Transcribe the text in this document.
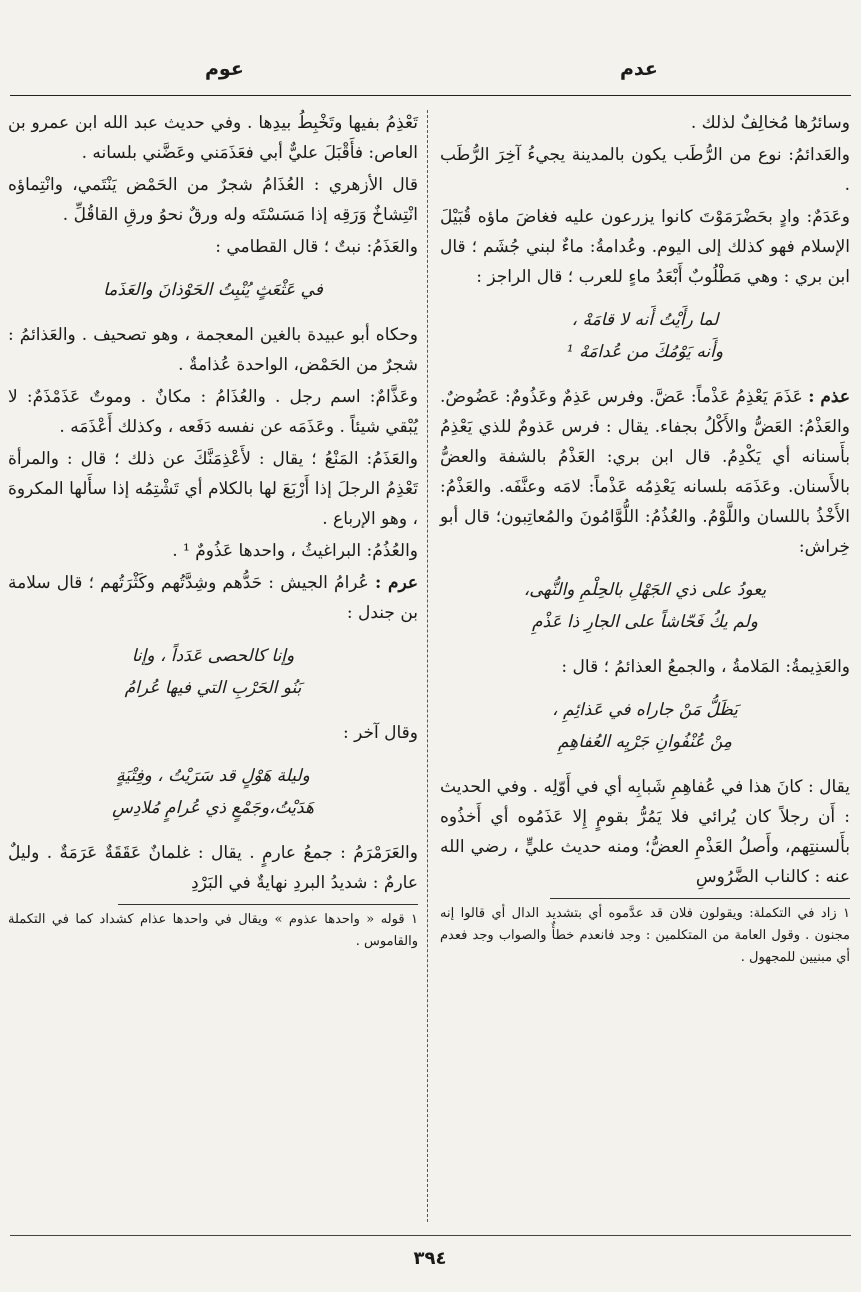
عوم	عدم

وسائرُها مُخالِفٌ لذلك .

والعَدائمُ: نوع من الرُّطَب يكون بالمدينة يجيءُ آخِرَ الرُّطَب .

وعَدَمٌ: وادٍ بحَضْرَمَوْتَ كانوا يزرعون عليه فغاضَ ماؤه قُبَيْلَ الإسلام فهو كذلك إلى اليوم. وعُدامةُ: ماءٌ لبني جُشَم ؛ قال ابن بري : وهي مَطْلُوبٌ أَبْعَدُ ماءٍ للعرب ؛ قال الراجز :

لما رأَيْتُ أَنه لا قامَهْ ،
وأَنه يَوْمُكَ من عُدامَهْ ¹

عذم : عَذَمَ يَعْذِمُ عَذْماً: عَضَّ. وفرس عَذِمٌ وعَذُومٌ: عَضُوضٌ. والعَذْمُ: العَضُّ والأَكْلُ بجفاء. يقال : فرس عَذومٌ للذي يَعْذِمُ بأَسنانه أي يَكْدِمُ. قال ابن بري: العَذْمُ بالشفة والعضُّ بالأَسنان. وعَذَمَه بلسانه يَعْذِمُه عَذْماً: لامَه وعنَّفَه. والعَذْمُ: الأَخْذُ باللسان واللَّوْمُ. والعُذُمُ: اللُّوَّامُونَ والمُعاتِبون؛ قال أبو خِراش:

يعودُ على ذي الجَهْلِ بالحِلْمِ والنُّهى،
ولم يكُ فَحّاشاً على الجارِ ذا عَذْمِ

والعَذِيمةُ: المَلامةُ ، والجمعُ العذائمُ ؛ قال :

يَظَلُّ مَنْ جاراه في عَذائِمِ ،
مِنْ عُنْفُوانِ جَرْيِه العُفاهِمِ

يقال : كانَ هذا في عُفاهِمِ شَبابِه أي في أَوّلِه . وفي الحديث : أَن رجلاً كان يُرائي فلا يَمُرُّ بقومٍ إِلا عَذَمُوه أي أَخذُوه بأَلسنتِهم، وأَصلُ العَذْمِ العضُّ؛ ومنه حديث عليٍّ ، رضي الله عنه : كالناب الضَّرُوسِ

١ زاد في التكملة: ويقولون فلان قد عدَّموه أي بتشديد الدال أي قالوا إنه مجنون . وقول العامة من المتكلمين : وجد فانعدم خطأٌ والصواب وجد فعدم أي مبنيين للمجهول .

تَعْذِمُ بفيها وتَخْبِطُ بيدِها . وفي حديث عبد الله ابن عمرو بن العاص: فأَقْبَلَ عليٌّ أبي فعَذَمَني وعَضَّني بلسانه .

قال الأزهري : العُذَامُ شجرٌ من الحَمْض يَنْتَمي، وانْتِماؤه انْتِشاخٌ وَرَقِه إذا مَسَسْتَه وله ورقٌ نحوُ ورقِ القاقُلِّ .

والعَذَمُ: نبتٌ ؛ قال القطامي :

في عَثْعَثٍ يُنْبِتُ الحَوْذانَ والعَذَما

وحكاه أبو عبيدة بالغين المعجمة ، وهو تصحيف . والعَذائمُ : شجرٌ من الحَمْض، الواحدة عُذامةٌ .

وعَذَّامٌ: اسم رجل . والعُذَامُ : مكانٌ . وموتٌ عَذَمْذَمٌ: لا يُبْقي شيئاً . وعَذَمَه عن نفسه دَفَعه ، وكذلك أَعْذَمَه .

والعَذَمُ: المَنْعُ ؛ يقال : لأَعْذِمَنَّكَ عن ذلك ؛ قال : والمرأة تَعْذِمُ الرجلَ إذا أَرْبَعَ لها بالكلام أي تَشْتِمُه إذا سأَلها المكروهَ ، وهو الإرباع .

والعُذُمُ: البراغيثُ ، واحدها عَذُومٌ ¹ .

عرم : عُرامُ الجيش : حَدُّهم وشِدَّتُهم وكَثْرَتُهم ؛ قال سلامة بن جندل :

وإنا كالحصى عَدَداً ، وإنا
بَنُو الحَرْبِ التي فيها عُرامُ

وقال آخر :

وليلة هَوْلٍ قد سَرَيْتُ ، وفِتْيَةٍ
هَدَيْتُ،وجَمْعٍ ذي عُرامٍ مُلادِسِ

والعَرَمْرَمُ : جمعُ عارمٍ . يقال : غلمانٌ عَقَقَةٌ عَرَمَةٌ . وليلٌ عارمٌ : شديدُ البردِ نهايةٌ في البَرْدِ

١ قوله « واحدها عذوم » ويقال في واحدها عذام كشداد كما في التكملة والقاموس .

٣٩٤
